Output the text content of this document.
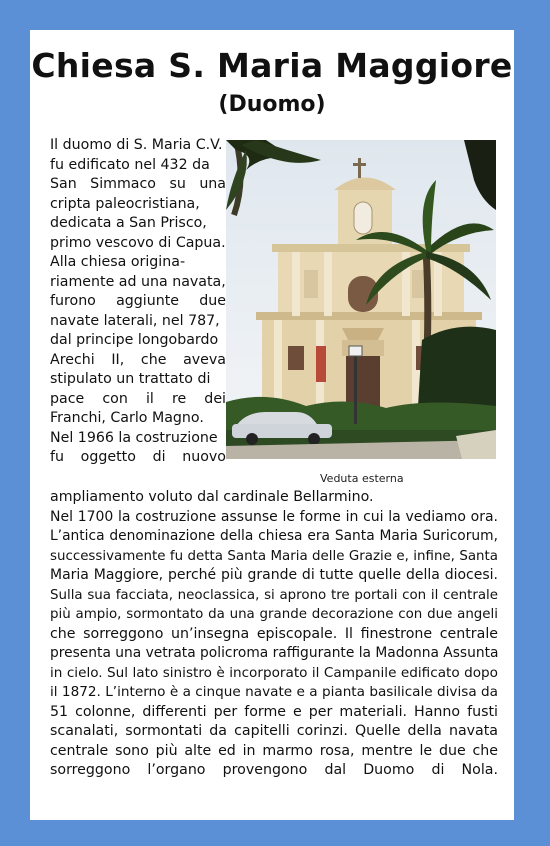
Chiesa S. Maria Maggiore
(Duomo)
Il duomo di S. Maria C.V.
fu edificato nel 432 da
San Simmaco su una
cripta paleocristiana,
dedicata a San Prisco,
primo vescovo di Capua.
Alla chiesa origina-
riamente ad una navata,
furono aggiunte due
navate laterali, nel 787,
dal principe longobardo
Arechi II, che aveva
stipulato un trattato di
pace con il re dei
Franchi, Carlo Magno.
Nel 1966 la costruzione
fu oggetto di nuovo
Veduta esterna
ampliamento voluto dal cardinale Bellarmino.
Nel 1700 la costruzione assunse le forme in cui la vediamo ora.
L’antica denominazione della chiesa era Santa Maria Suricorum,
successivamente fu detta Santa Maria delle Grazie e, infine, Santa
Maria Maggiore, perché più grande di tutte quelle della diocesi.
Sulla sua facciata, neoclassica, si aprono tre portali con il centrale
più ampio, sormontato da una grande decorazione con due angeli
che sorreggono un’insegna episcopale. Il finestrone centrale
presenta una vetrata policroma raffigurante la Madonna Assunta
in cielo. Sul lato sinistro è incorporato il Campanile edificato dopo
il 1872. L’interno è a cinque navate e a pianta basilicale divisa da
51 colonne, differenti per forme e per materiali. Hanno fusti
scanalati, sormontati da capitelli corinzi. Quelle della navata
centrale sono più alte ed in marmo rosa, mentre le due che
sorreggono l’organo provengono dal Duomo di Nola.
